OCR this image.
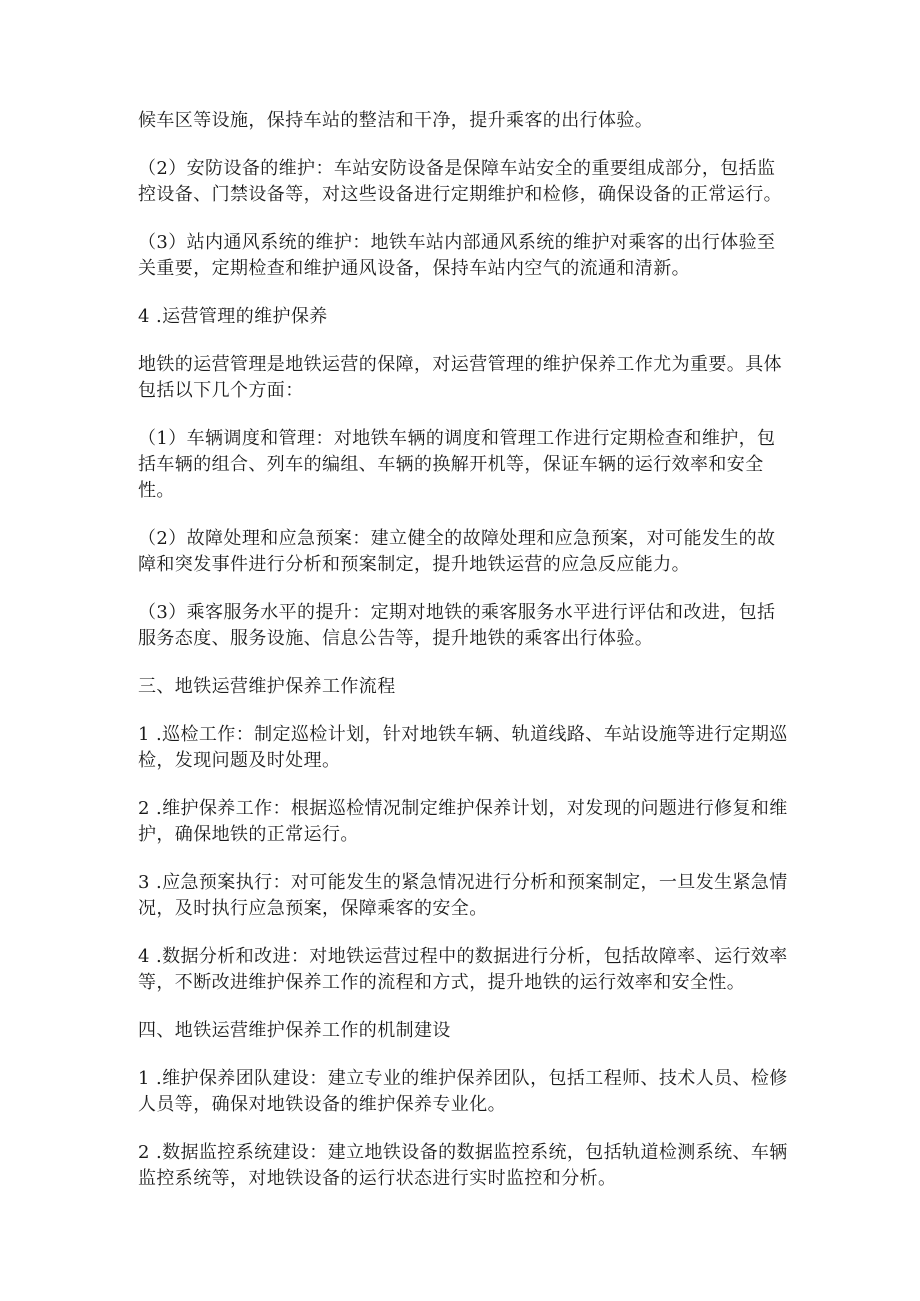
候车区等设施，保持车站的整洁和干净，提升乘客的出行体验。

（2）安防设备的维护：车站安防设备是保障车站安全的重要组成部分，包括监控设备、门禁设备等，对这些设备进行定期维护和检修，确保设备的正常运行。

（3）站内通风系统的维护：地铁车站内部通风系统的维护对乘客的出行体验至关重要，定期检查和维护通风设备，保持车站内空气的流通和清新。

4 .运营管理的维护保养

地铁的运营管理是地铁运营的保障，对运营管理的维护保养工作尤为重要。具体包括以下几个方面：

（1）车辆调度和管理：对地铁车辆的调度和管理工作进行定期检查和维护，包括车辆的组合、列车的编组、车辆的换解开机等，保证车辆的运行效率和安全性。

（2）故障处理和应急预案：建立健全的故障处理和应急预案，对可能发生的故障和突发事件进行分析和预案制定，提升地铁运营的应急反应能力。

（3）乘客服务水平的提升：定期对地铁的乘客服务水平进行评估和改进，包括服务态度、服务设施、信息公告等，提升地铁的乘客出行体验。

三、地铁运营维护保养工作流程

1 .巡检工作：制定巡检计划，针对地铁车辆、轨道线路、车站设施等进行定期巡检，发现问题及时处理。

2 .维护保养工作：根据巡检情况制定维护保养计划，对发现的问题进行修复和维护，确保地铁的正常运行。

3 .应急预案执行：对可能发生的紧急情况进行分析和预案制定，一旦发生紧急情况，及时执行应急预案，保障乘客的安全。

4 .数据分析和改进：对地铁运营过程中的数据进行分析，包括故障率、运行效率等，不断改进维护保养工作的流程和方式，提升地铁的运行效率和安全性。

四、地铁运营维护保养工作的机制建设

1 .维护保养团队建设：建立专业的维护保养团队，包括工程师、技术人员、检修人员等，确保对地铁设备的维护保养专业化。

2 .数据监控系统建设：建立地铁设备的数据监控系统，包括轨道检测系统、车辆监控系统等，对地铁设备的运行状态进行实时监控和分析。
